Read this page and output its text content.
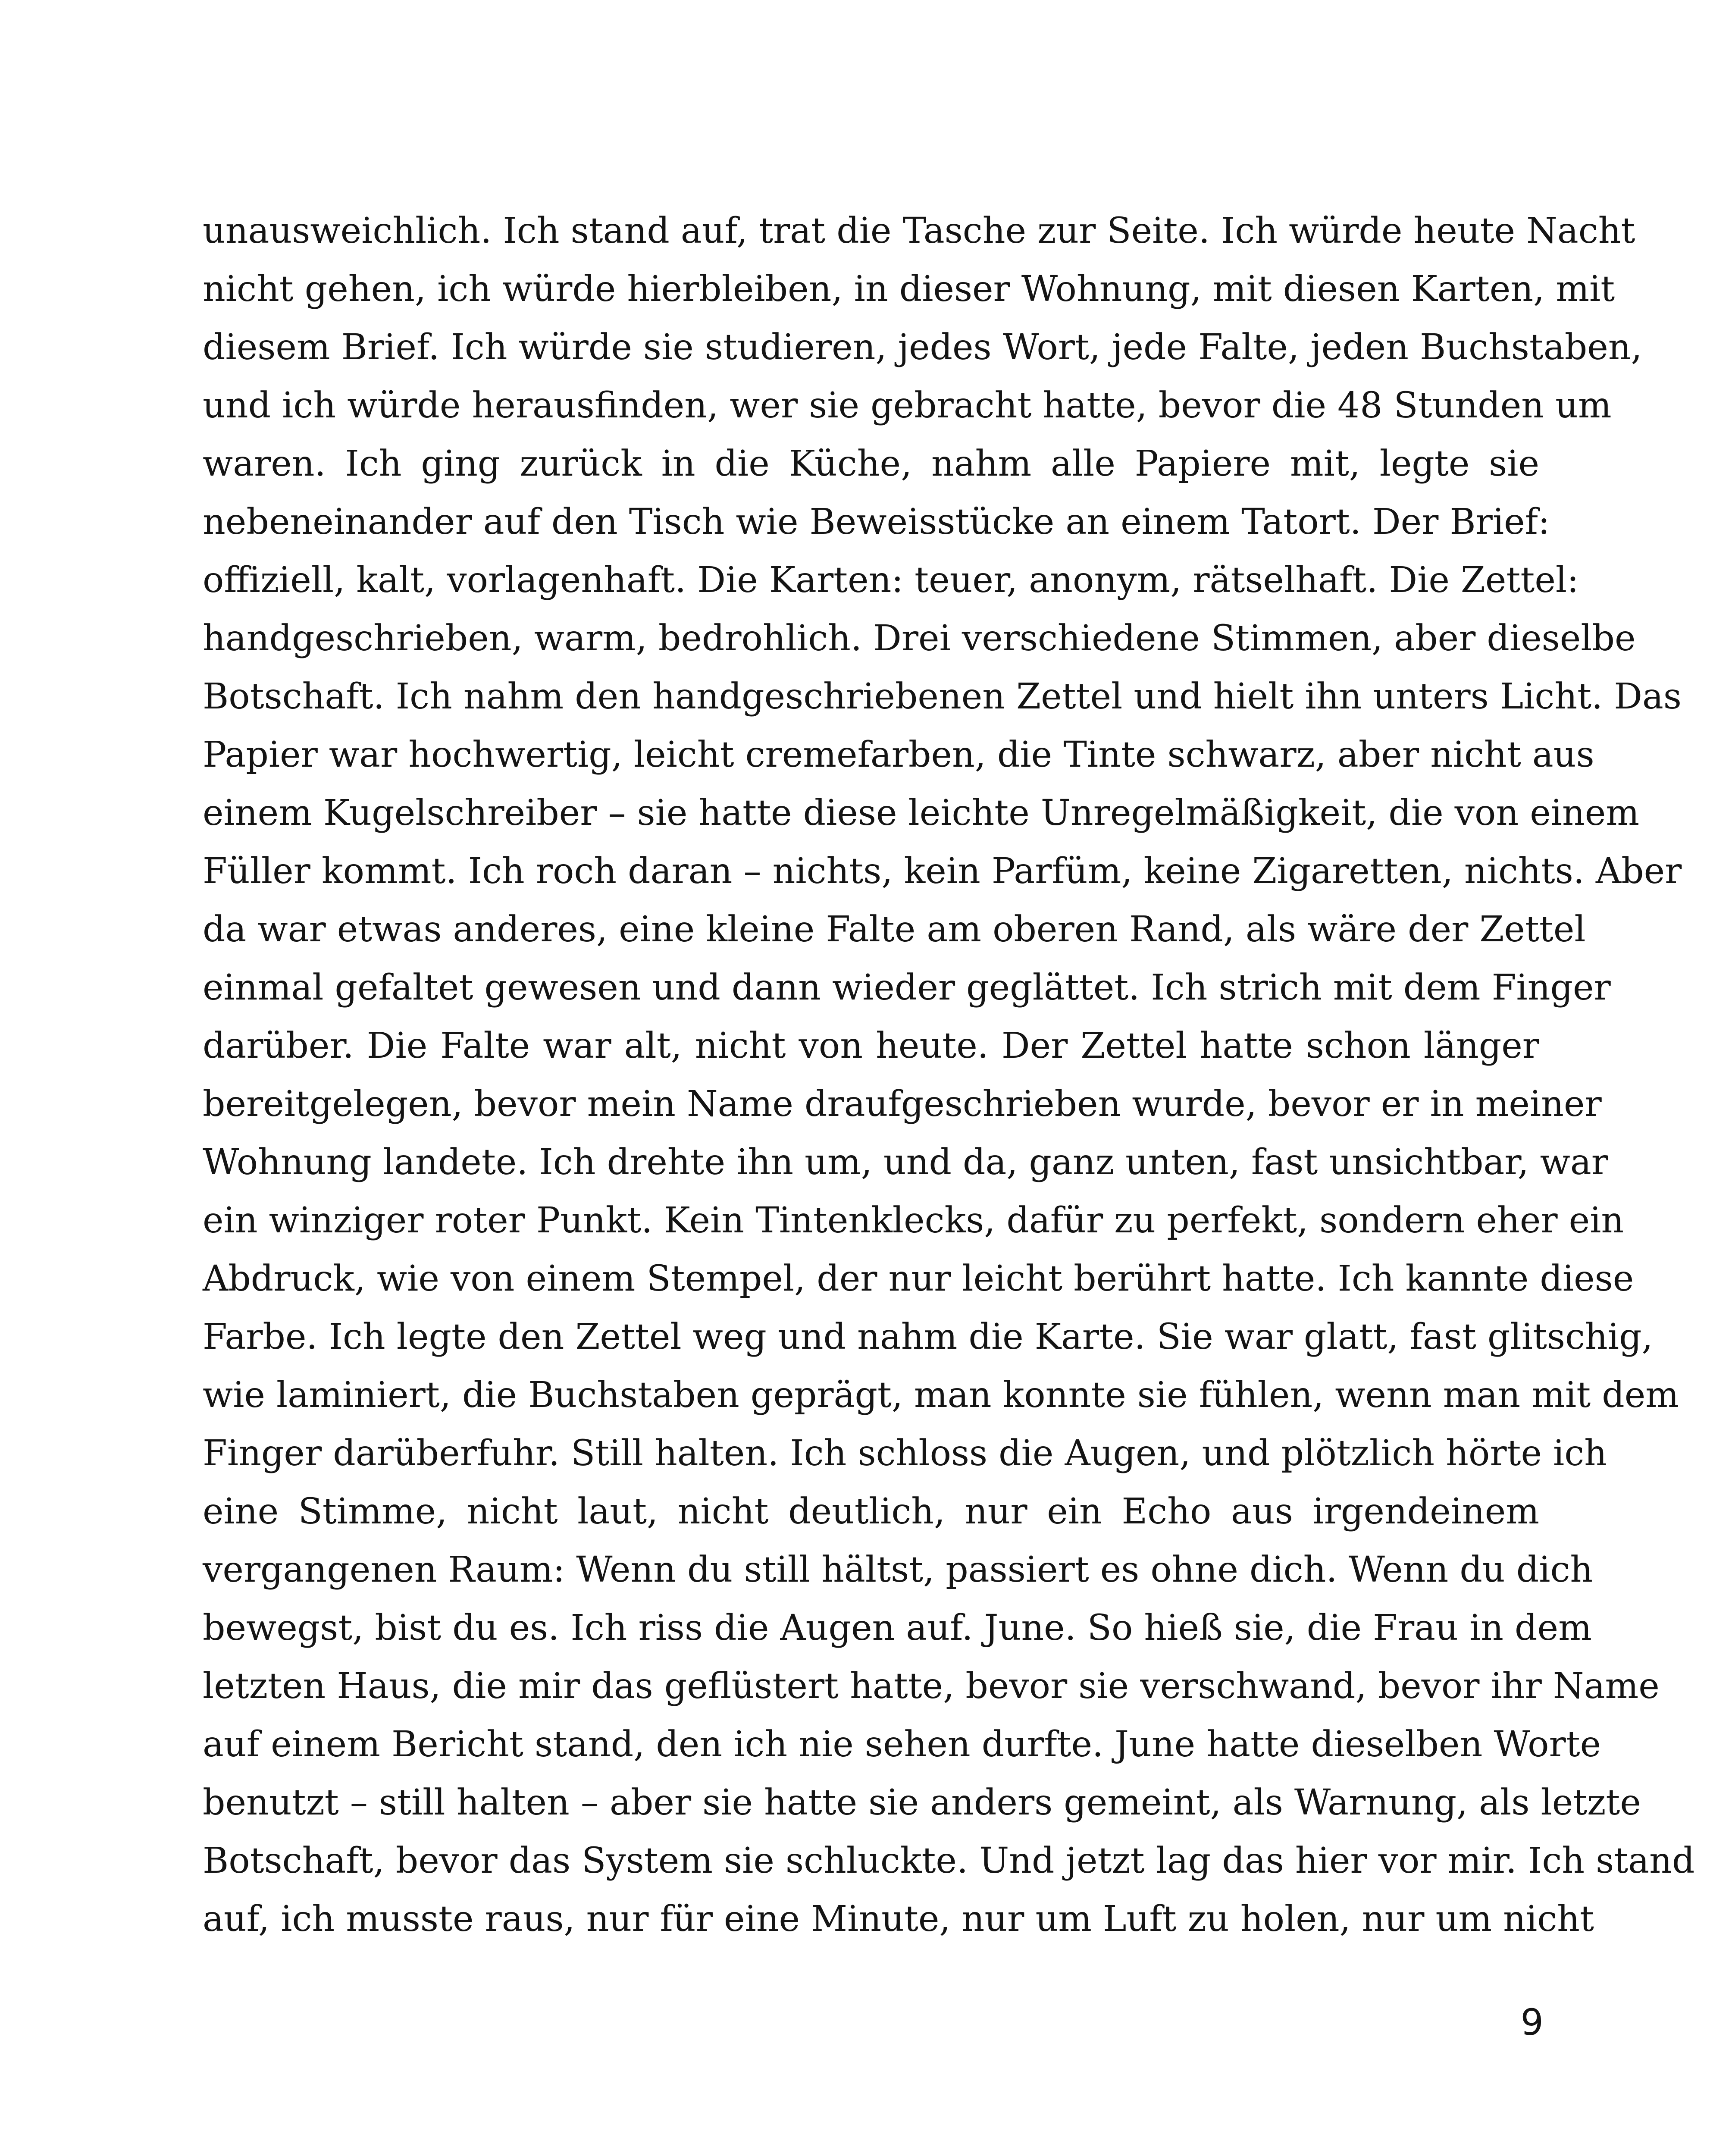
unausweichlich. Ich stand auf, trat die Tasche zur Seite. Ich würde heute Nacht
nicht gehen, ich würde hierbleiben, in dieser Wohnung, mit diesen Karten, mit
diesem Brief. Ich würde sie studieren, jedes Wort, jede Falte, jeden Buchstaben,
und ich würde herausfinden, wer sie gebracht hatte, bevor die 48 Stunden um
waren. Ich ging zurück in die Küche, nahm alle Papiere mit, legte sie
nebeneinander auf den Tisch wie Beweisstücke an einem Tatort. Der Brief:
offiziell, kalt, vorlagenhaft. Die Karten: teuer, anonym, rätselhaft. Die Zettel:
handgeschrieben, warm, bedrohlich. Drei verschiedene Stimmen, aber dieselbe
Botschaft. Ich nahm den handgeschriebenen Zettel und hielt ihn unters Licht. Das
Papier war hochwertig, leicht cremefarben, die Tinte schwarz, aber nicht aus
einem Kugelschreiber – sie hatte diese leichte Unregelmäßigkeit, die von einem
Füller kommt. Ich roch daran – nichts, kein Parfüm, keine Zigaretten, nichts. Aber
da war etwas anderes, eine kleine Falte am oberen Rand, als wäre der Zettel
einmal gefaltet gewesen und dann wieder geglättet. Ich strich mit dem Finger
darüber. Die Falte war alt, nicht von heute. Der Zettel hatte schon länger
bereitgelegen, bevor mein Name draufgeschrieben wurde, bevor er in meiner
Wohnung landete. Ich drehte ihn um, und da, ganz unten, fast unsichtbar, war
ein winziger roter Punkt. Kein Tintenklecks, dafür zu perfekt, sondern eher ein
Abdruck, wie von einem Stempel, der nur leicht berührt hatte. Ich kannte diese
Farbe. Ich legte den Zettel weg und nahm die Karte. Sie war glatt, fast glitschig,
wie laminiert, die Buchstaben geprägt, man konnte sie fühlen, wenn man mit dem
Finger darüberfuhr. Still halten. Ich schloss die Augen, und plötzlich hörte ich
eine Stimme, nicht laut, nicht deutlich, nur ein Echo aus irgendeinem
vergangenen Raum: Wenn du still hältst, passiert es ohne dich. Wenn du dich
bewegst, bist du es. Ich riss die Augen auf. June. So hieß sie, die Frau in dem
letzten Haus, die mir das geflüstert hatte, bevor sie verschwand, bevor ihr Name
auf einem Bericht stand, den ich nie sehen durfte. June hatte dieselben Worte
benutzt – still halten – aber sie hatte sie anders gemeint, als Warnung, als letzte
Botschaft, bevor das System sie schluckte. Und jetzt lag das hier vor mir. Ich stand
auf, ich musste raus, nur für eine Minute, nur um Luft zu holen, nur um nicht
9
